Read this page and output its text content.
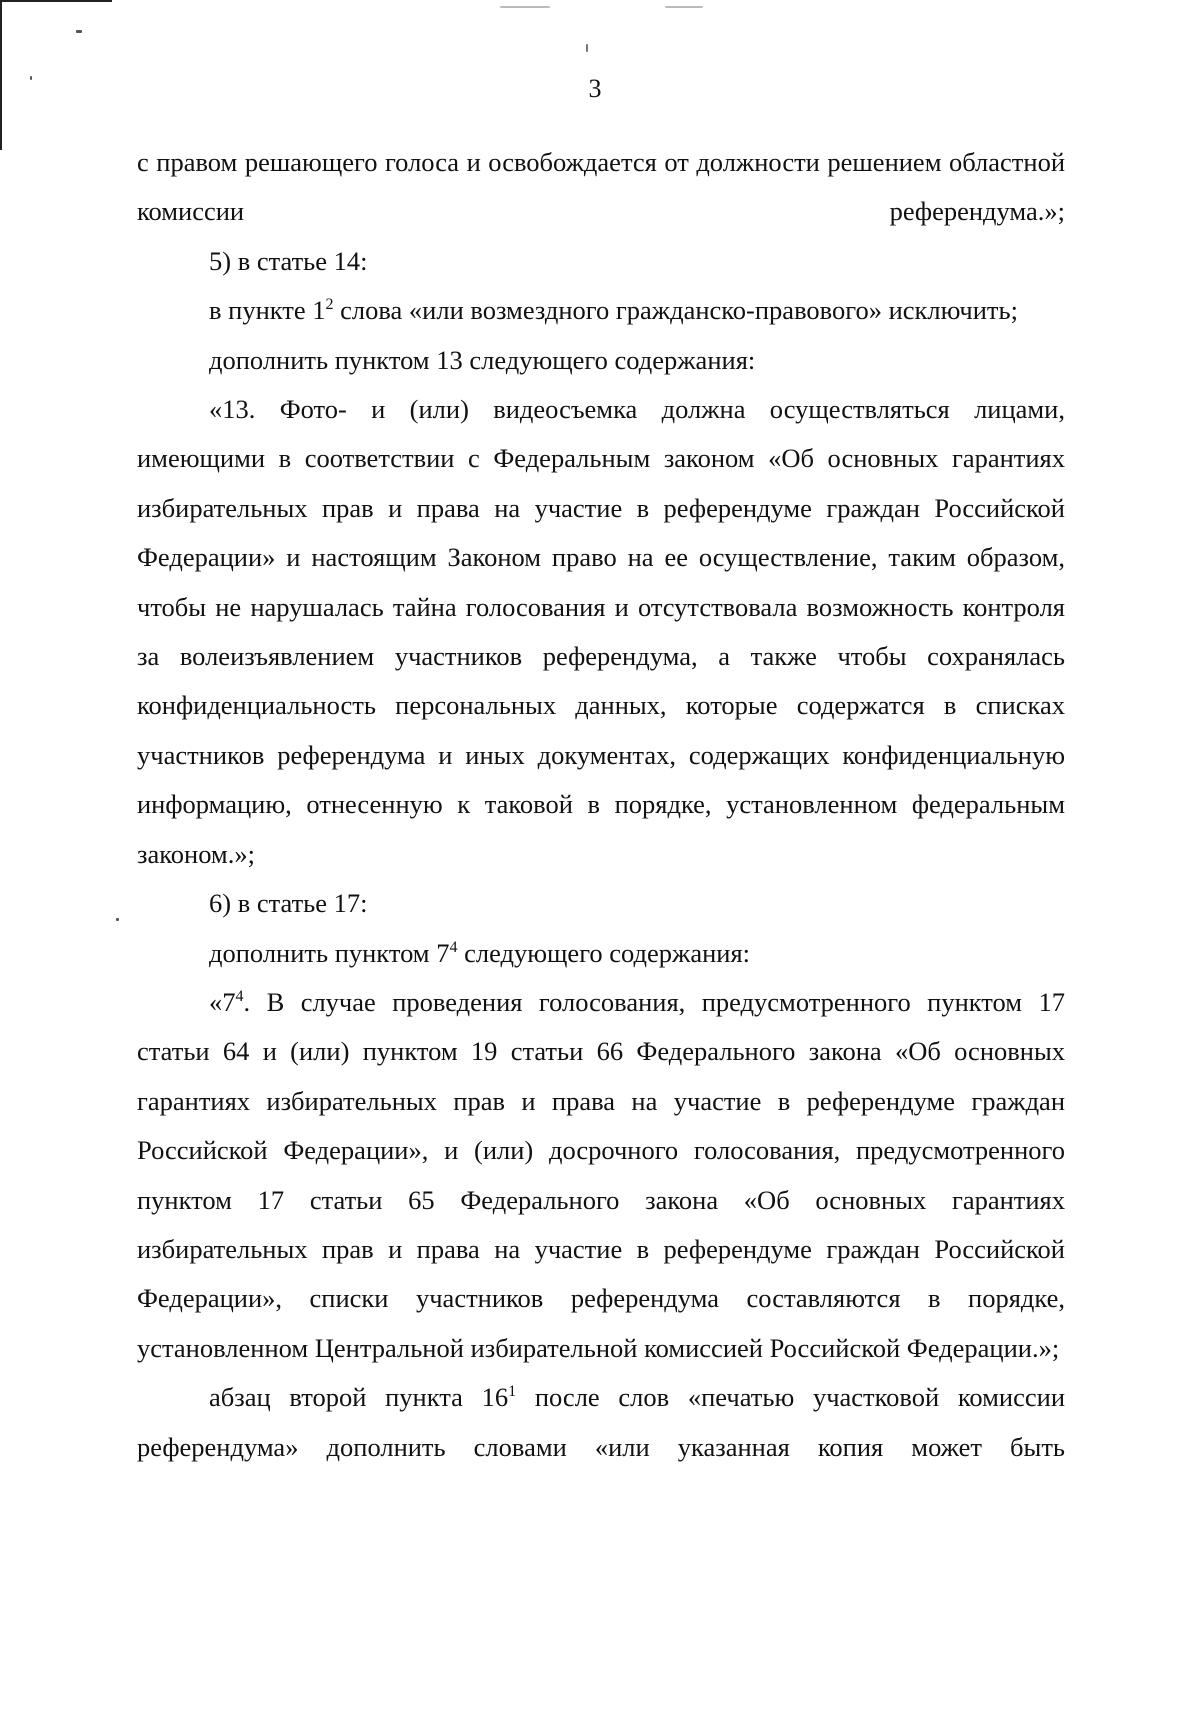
3

с правом решающего голоса и освобождается от должности решением областной комиссии референдума.»;

5) в статье 14:

в пункте $1^2$ слова «или возмездного гражданско-правового» исключить;

дополнить пунктом 13 следующего содержания:

«13. Фото- и (или) видеосъемка должна осуществляться лицами, имеющими в соответствии с Федеральным законом «Об основных гарантиях избирательных прав и права на участие в референдуме граждан Российской Федерации» и настоящим Законом право на ее осуществление, таким образом, чтобы не нарушалась тайна голосования и отсутствовала возможность контроля за волеизъявлением участников референдума, а также чтобы сохранялась конфиденциальность персональных данных, которые содержатся в списках участников референдума и иных документах, содержащих конфиденциальную информацию, отнесенную к таковой в порядке, установленном федеральным законом.»;

6) в статье 17:

дополнить пунктом $7^4$ следующего содержания:

«$7^4$. В случае проведения голосования, предусмотренного пунктом 17 статьи 64 и (или) пунктом 19 статьи 66 Федерального закона «Об основных гарантиях избирательных прав и права на участие в референдуме граждан Российской Федерации», и (или) досрочного голосования, предусмотренного пунктом 17 статьи 65 Федерального закона «Об основных гарантиях избирательных прав и права на участие в референдуме граждан Российской Федерации», списки участников референдума составляются в порядке, установленном Центральной избирательной комиссией Российской Федерации.»;

абзац второй пункта $16^1$ после слов «печатью участковой комиссии референдума» дополнить словами «или указанная копия может быть
